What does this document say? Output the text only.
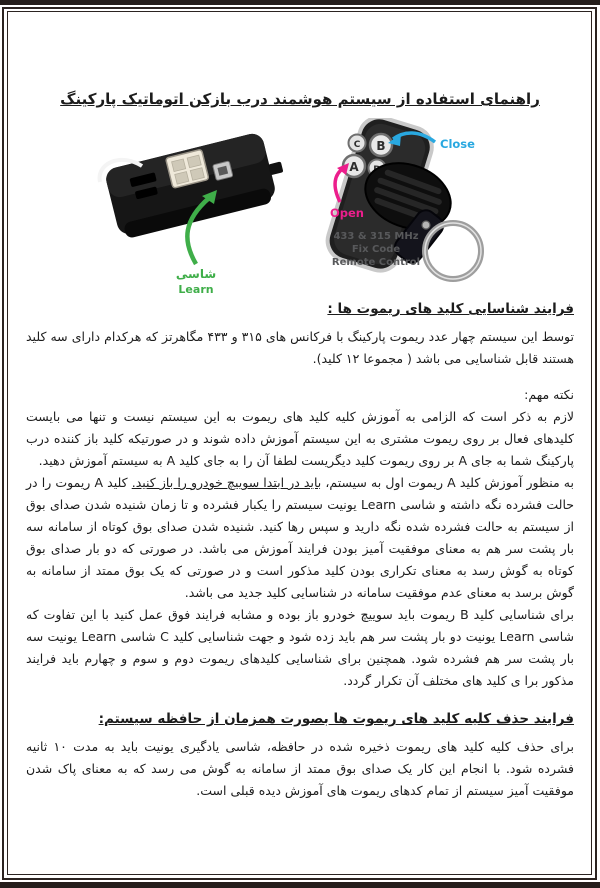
راهنمای استفاده از سیستم هوشمند درب بازکن اتوماتیک پارکینگ
شاسی
Learn
C B
A
Close
Open
433 & 315 MHz
Fix Code
Remote Control
فرایند شناسایی کلید های ریموت ها :

توسط این سیستم چهار عدد ریموت پارکینگ با فرکانس های ۳۱۵ و ۴۳۳ مگاهرتز که هرکدام دارای سه کلید هستند قابل شناسایی می باشد ( مجموعا ۱۲ کلید).

نکته مهم:

لازم به ذکر است که الزامی به آموزش کلیه کلید های ریموت به این سیستم نیست و تنها می بایست کلیدهای فعال بر روی ریموت مشتری به این سیستم آموزش داده شوند و در صورتیکه کلید باز کننده درب پارکینگ شما به جای A بر روی ریموت کلید دیگریست لطفا آن را به جای کلید A به سیستم آموزش دهید.

به منظور آموزش کلید A ریموت اول به سیستم، باید در ابتدا سوییچ خودرو را باز کنید. کلید A ریموت را در حالت فشرده نگه داشته و شاسی Learn یونیت سیستم را یکبار فشرده و تا زمان شنیده شدن صدای بوق از سیستم به حالت فشرده شده نگه دارید و سپس رها کنید. شنیده شدن صدای بوق کوتاه از سامانه سه بار پشت سر هم به معنای موفقیت آمیز بودن فرایند آموزش می باشد. در صورتی که دو بار صدای بوق کوتاه به گوش رسد به معنای تکراری بودن کلید مذکور است و در صورتی که یک بوق ممتد از سامانه به گوش برسد به معنای عدم موفقیت سامانه در شناسایی کلید جدید می باشد.

برای شناسایی کلید B ریموت باید سوییچ خودرو باز بوده و مشابه فرایند فوق عمل کنید با این تفاوت که شاسی Learn یونیت دو بار پشت سر هم باید زده شود و جهت شناسایی کلید C شاسی Learn یونیت سه بار پشت سر هم فشرده شود. همچنین برای شناسایی کلیدهای ریموت دوم و سوم و چهارم باید فرایند مذکور برا ی کلید های مختلف آن تکرار گردد.

فرایند حذف کلیه کلید های ریموت ها بصورت همزمان از حافظه سیستم:

برای حذف کلیه کلید های ریموت ذخیره شده در حافظه، شاسی یادگیری یونیت باید به مدت ۱۰ ثانیه فشرده شود. با انجام این کار یک صدای بوق ممتد از سامانه به گوش می رسد که به معنای پاک شدن موفقیت آمیز سیستم از تمام کدهای ریموت های آموزش دیده قبلی است.
